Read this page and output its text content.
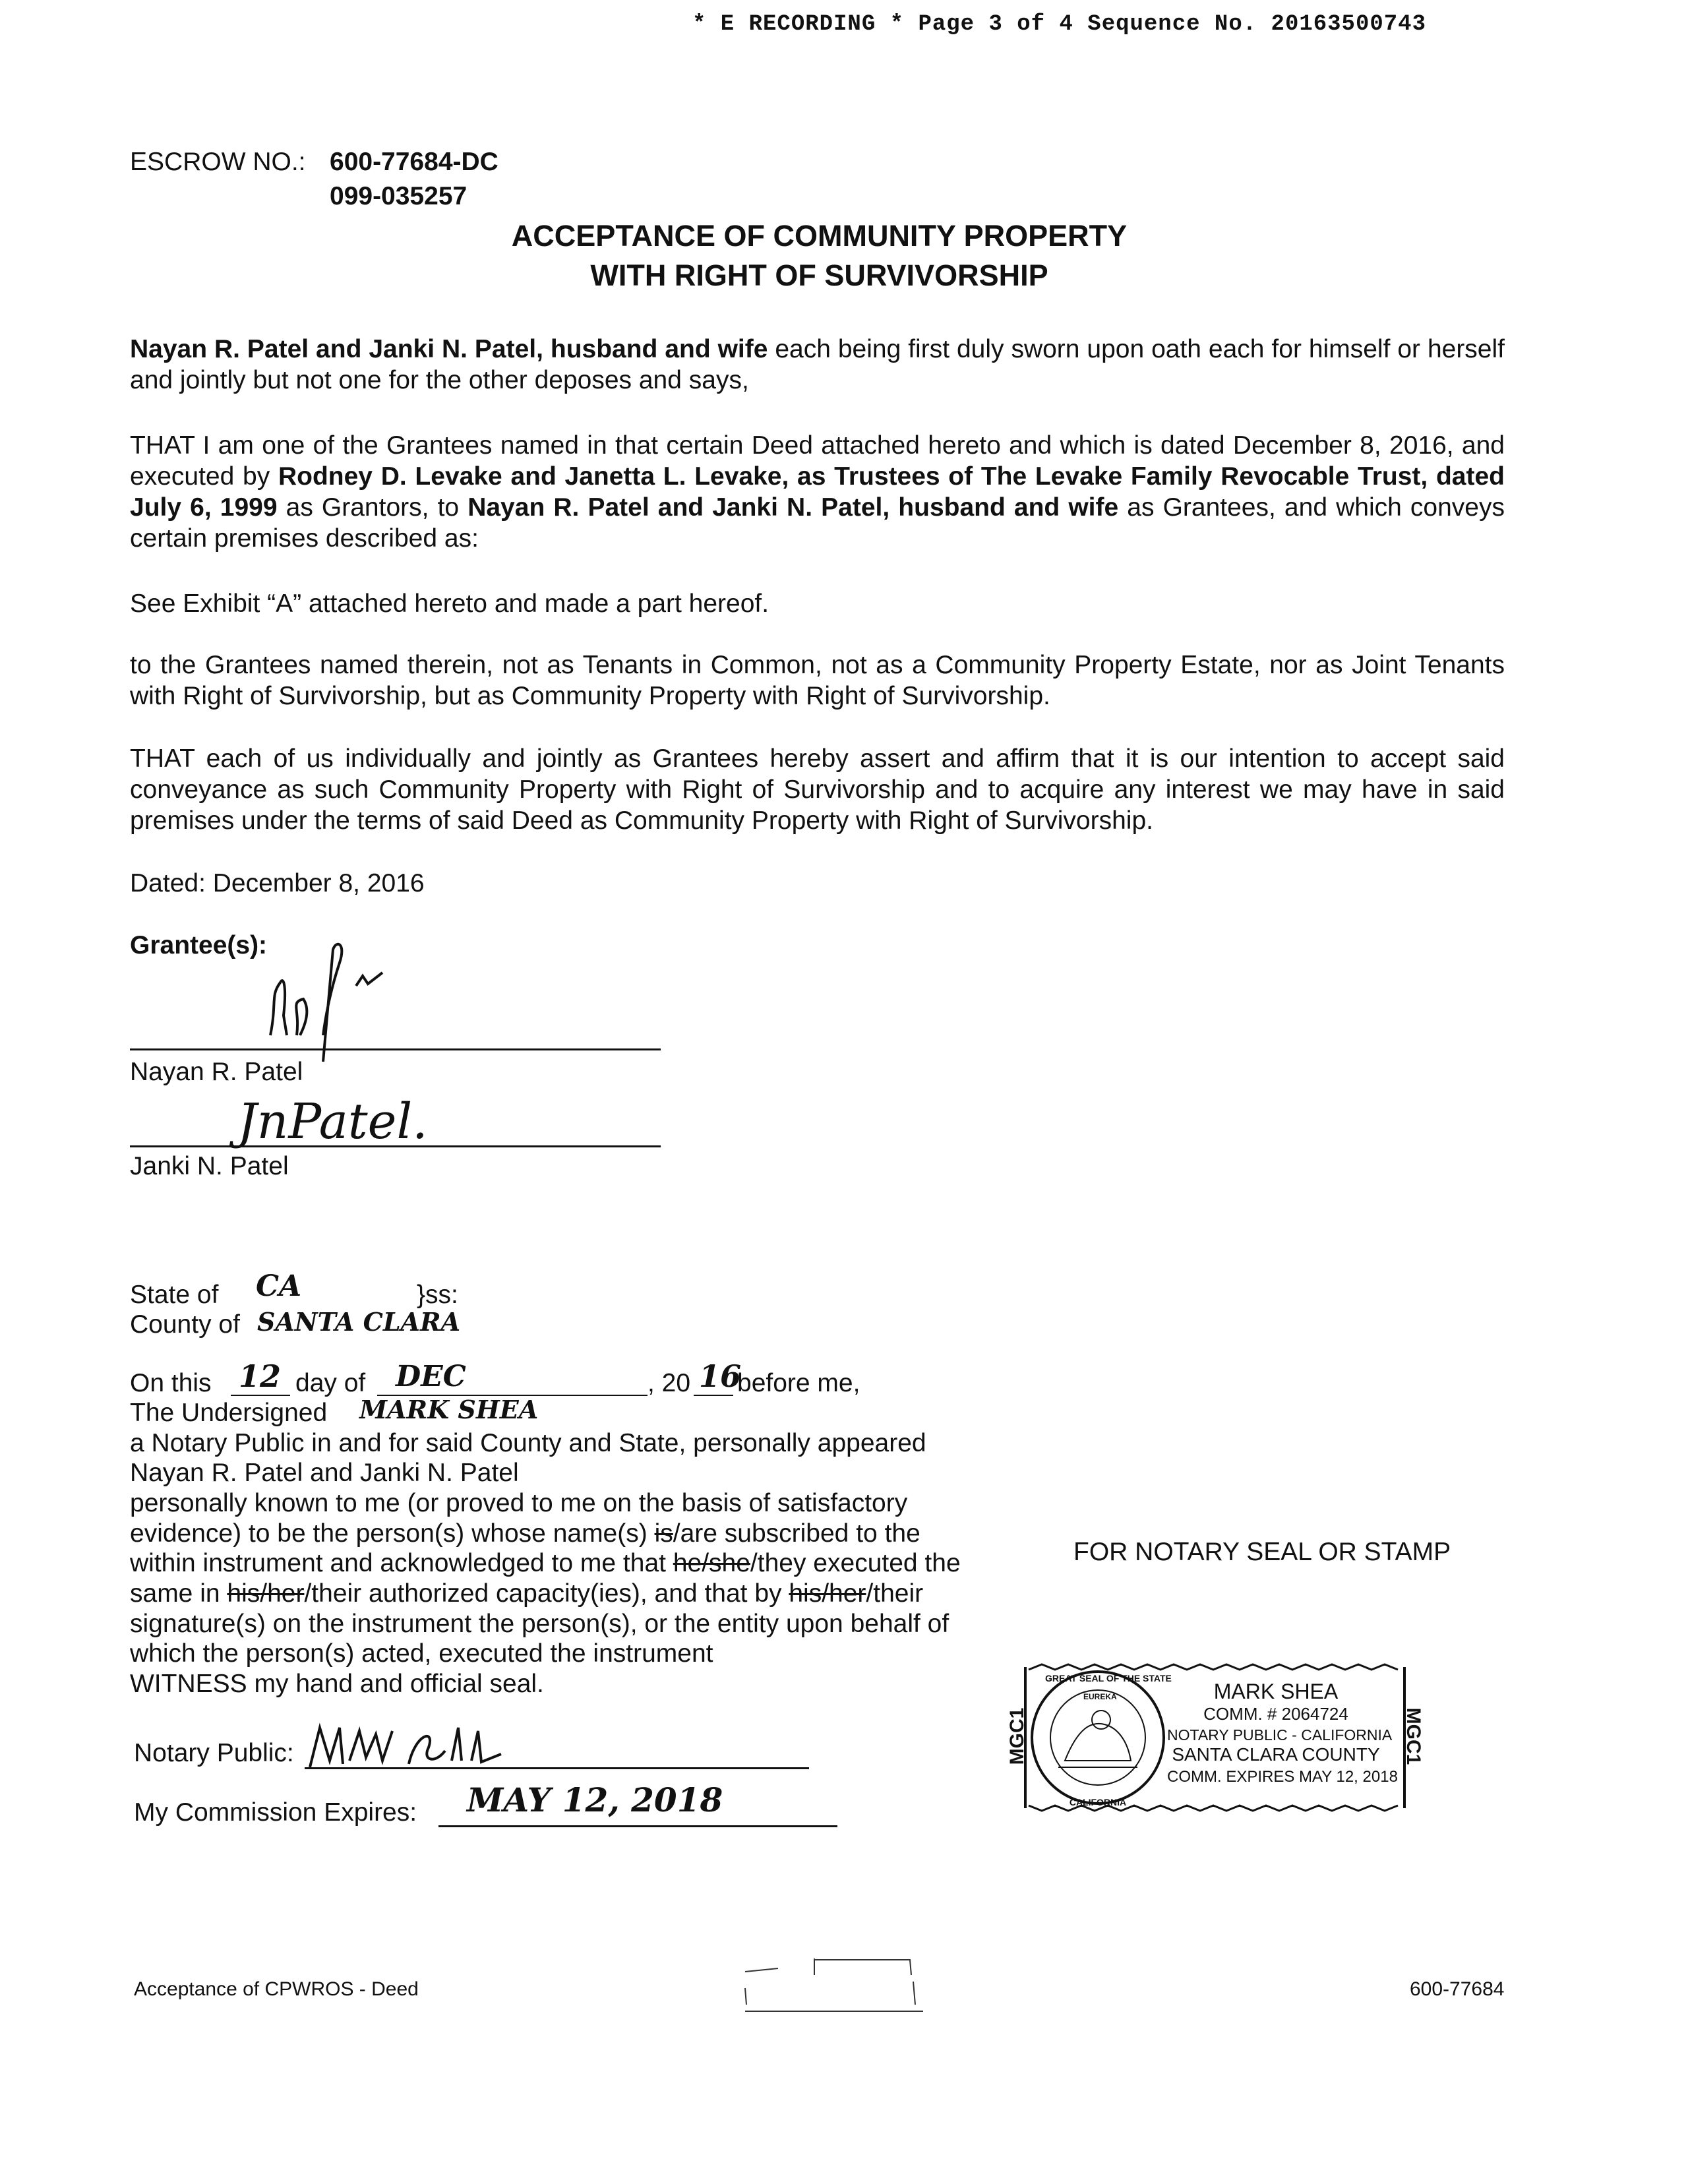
* E RECORDING * Page 3 of 4 Sequence No. 20163500743
ESCROW NO.: 600-77684-DC
099-035257
ACCEPTANCE OF COMMUNITY PROPERTY
WITH RIGHT OF SURVIVORSHIP
Nayan R. Patel and Janki N. Patel, husband and wife each being first duly sworn upon oath each for himself or herself and jointly but not one for the other deposes and says,
THAT I am one of the Grantees named in that certain Deed attached hereto and which is dated December 8, 2016, and executed by Rodney D. Levake and Janetta L. Levake, as Trustees of The Levake Family Revocable Trust, dated July 6, 1999 as Grantors, to Nayan R. Patel and Janki N. Patel, husband and wife as Grantees, and which conveys certain premises described as:
See Exhibit “A” attached hereto and made a part hereof.
to the Grantees named therein, not as Tenants in Common, not as a Community Property Estate, nor as Joint Tenants with Right of Survivorship, but as Community Property with Right of Survivorship.
THAT each of us individually and jointly as Grantees hereby assert and affirm that it is our intention to accept said conveyance as such Community Property with Right of Survivorship and to acquire any interest we may have in said premises under the terms of said Deed as Community Property with Right of Survivorship.
Dated: December 8, 2016
Grantee(s):
Nayan R. Patel
JnPatel.
Janki N. Patel
State of CA	}ss:
County of SANTA CLARA
On this 12 day of DEC	, 20 16
before me,
The Undersigned MARK SHEA
a Notary Public in and for said County and State, personally appeared
Nayan R. Patel and Janki N. Patel
personally known to me (or proved to me on the basis of satisfactory
evidence) to be the person(s) whose name(s) is/are subscribed to the
within instrument and acknowledged to me that he/she/they executed the
same in his/her/their authorized capacity(ies), and that by his/her/their
signature(s) on the instrument the person(s), or the entity upon behalf of
which the person(s) acted, executed the instrument
WITNESS my hand and official seal.
Notary Public:
My Commission Expires: MAY 12, 2018
FOR NOTARY SEAL OR STAMP
EUREKA
GREAT SEAL OF THE STATE
CALIFORNIA
MGC1	MGC1
MARK SHEA
COMM. # 2064724
NOTARY PUBLIC - CALIFORNIA
SANTA CLARA COUNTY
COMM. EXPIRES MAY 12, 2018
Acceptance of CPWROS - Deed	600-77684
